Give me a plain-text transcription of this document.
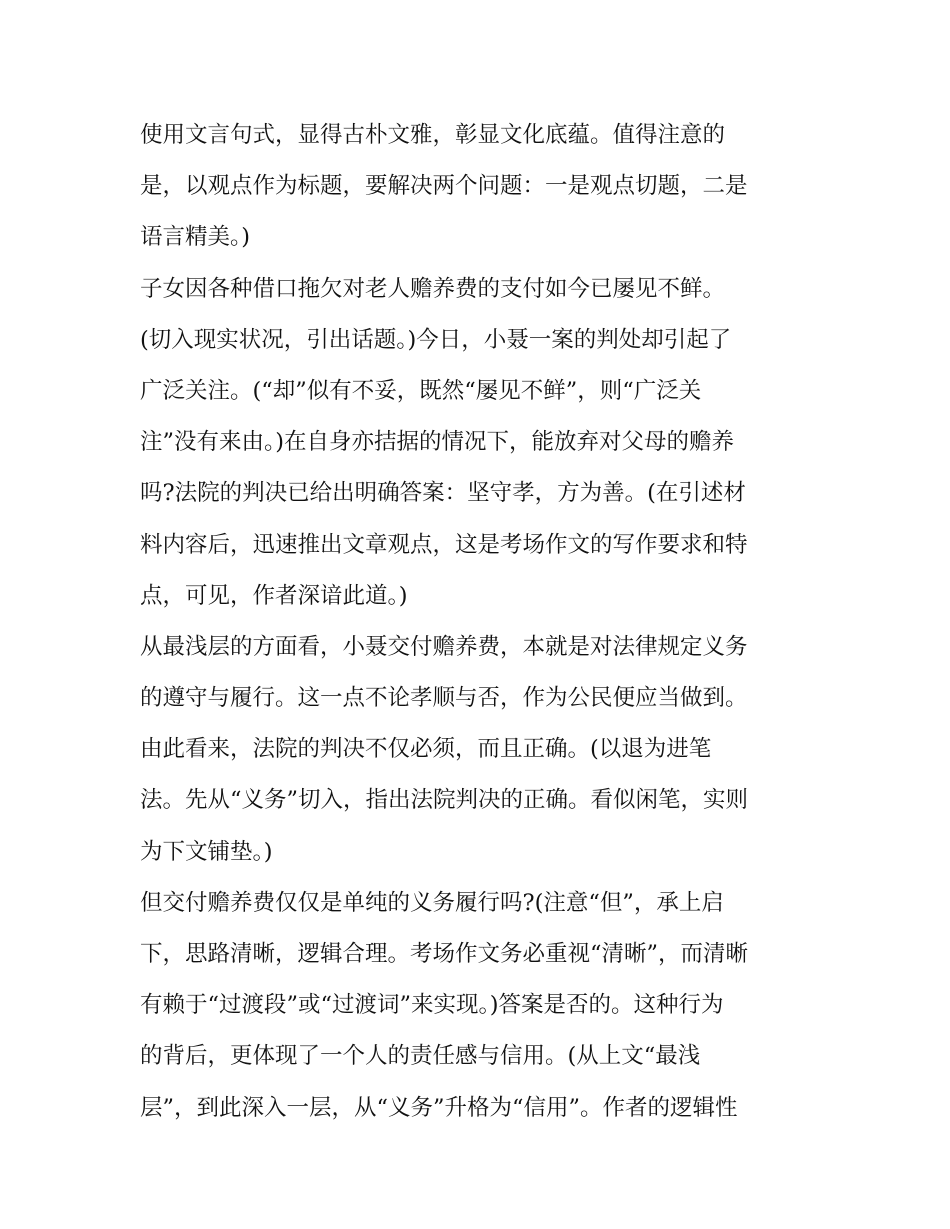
使用文言句式，显得古朴文雅，彰显文化底蕴。值得注意的
是，以观点作为标题，要解决两个问题：一是观点切题，二是
语言精美。)
子女因各种借口拖欠对老人赡养费的支付如今已屡见不鲜。
(切入现实状况，引出话题。)今日，小聂一案的判处却引起了
广泛关注。(“却”似有不妥，既然“屡见不鲜”，则“广泛关
注”没有来由。)在自身亦拮据的情况下，能放弃对父母的赡养
吗?法院的判决已给出明确答案：坚守孝，方为善。(在引述材
料内容后，迅速推出文章观点，这是考场作文的写作要求和特
点，可见，作者深谙此道。)
从最浅层的方面看，小聂交付赡养费，本就是对法律规定义务
的遵守与履行。这一点不论孝顺与否，作为公民便应当做到。
由此看来，法院的判决不仅必须，而且正确。(以退为进笔
法。先从“义务”切入，指出法院判决的正确。看似闲笔，实则
为下文铺垫。)
但交付赡养费仅仅是单纯的义务履行吗?(注意“但”，承上启
下，思路清晰，逻辑合理。考场作文务必重视“清晰”，而清晰
有赖于“过渡段”或“过渡词”来实现。)答案是否的。这种行为
的背后，更体现了一个人的责任感与信用。(从上文“最浅
层”，到此深入一层，从“义务”升格为“信用”。作者的逻辑性
